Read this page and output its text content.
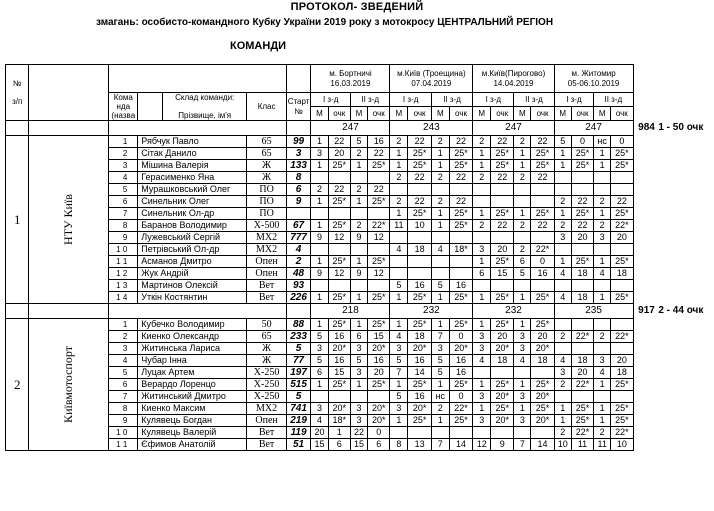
ПРОТОКОЛ- ЗВЕДЕНИЙ
змагань: особисто-командного Кубку України 2019 року з мотокросу ЦЕНТРАЛЬНИЙ РЕГІОН
КОМАНДИ
№

з/п							м. Бортничі
16.03.2019				м.Київ (Троещина)
07.04.2019				м.Київ(Пирогово)
14.04.2019				м. Житомир
05-06.10.2019					
		Кома
нда
(назва		Склад команди:

Прізвище, ім'я	Клас	Старт
№	І з-д		ІІ з-д		І з-д		ІІ з-д		І з-д		ІІ з-д		І з-д		ІІ з-д			
							М	очк	М	очк	М	очк	М	очк	М	очк	М	очк	М	очк	М	очк		
							247				243				247				247				984	1 - 50 очк
1	НТУ Київ	1	Рябчук Павло		65	99	1	22	5	16	2	22	2	22	2	22	2	22	5	0	нс	0		
		2	Сітак Данило		65	3	3	20	2	22	1	25*	1	25*	1	25*	1	25*	1	25*	1	25*		
		3	Мішина Валерія		Ж	133	1	25*	1	25*	1	25*	1	25*	1	25*	1	25*	1	25*	1	25*		
		4	Герасименко Яна		Ж	8					2	22	2	22	2	22	2	22						
		5	Мурашковський Олег		ПО	6	2	22	2	22														
		6	Синельник Олег		ПО	9	1	25*	1	25*	2	22	2	22					2	22	2	22		
		7	Синельник Ол-др		ПО						1	25*	1	25*	1	25*	1	25*	1	25*	1	25*		
		8	Баранов Володимир		Х-500	67	1	25*	2	22*	11	10	1	25*	2	22	2	22	2	22	2	22*		
		9	Лужевський Сергій		МХ2	777	9	12	9	12									3	20	3	20		
		1 0	Петрівський Ол-др		МХ2	4					4	18	4	18*	3	20	2	22*						
		1 1	Асманов Дмитро		Опен	2	1	25*	1	25*					1	25*	6	0	1	25*	1	25*		
		1 2	Жук Андрій		Опен	48	9	12	9	12					6	15	5	16	4	18	4	18		
		1 3	Мартинов Олексій		Вет	93					5	16	5	16										
		1 4	Уткін Костянтин		Вет	226	1	25*	1	25*	1	25*	1	25*	1	25*	1	25*	4	18	1	25*		
							218				232				232				235				917	2 - 44 очк
2	Київмотоспорт	1	Кубечко Володимир		50	88	1	25*	1	25*	1	25*	1	25*	1	25*	1	25*						
		2	Киенко Олександр		65	233	5	16	6	15	4	18	7	0	3	20	3	20	2	22*	2	22*		
		3	Житинська Лариса		Ж	5	3	20*	3	20*	3	20*	3	20*	3	20*	3	20*						
		4	Чубар Інна		Ж	77	5	16	5	16	5	16	5	16	4	18	4	18	4	18	3	20		
		5	Луцак Артем		Х-250	197	6	15	3	20	7	14	5	16					3	20	4	18		
		6	Верардо Лоренцо		Х-250	515	1	25*	1	25*	1	25*	1	25*	1	25*	1	25*	2	22*	1	25*		
		7	Житинський Дмитро		Х-250	5					5	16	нс	0	3	20*	3	20*						
		8	Киенко Максим		МХ2	741	3	20*	3	20*	3	20*	2	22*	1	25*	1	25*	1	25*	1	25*		
		9	Кулявець Богдан		Опен	219	4	18*	3	20*	1	25*	1	25*	3	20*	3	20*	1	25*	1	25*		
		1 0	Кулявець Валерій		Вет	119	20	1	22	0									2	22*	2	22*		
		1 1	Єфимов Анатолій		Вет	51	15	6	15	6	8	13	7	14	12	9	7	14	10	11	11	10		
